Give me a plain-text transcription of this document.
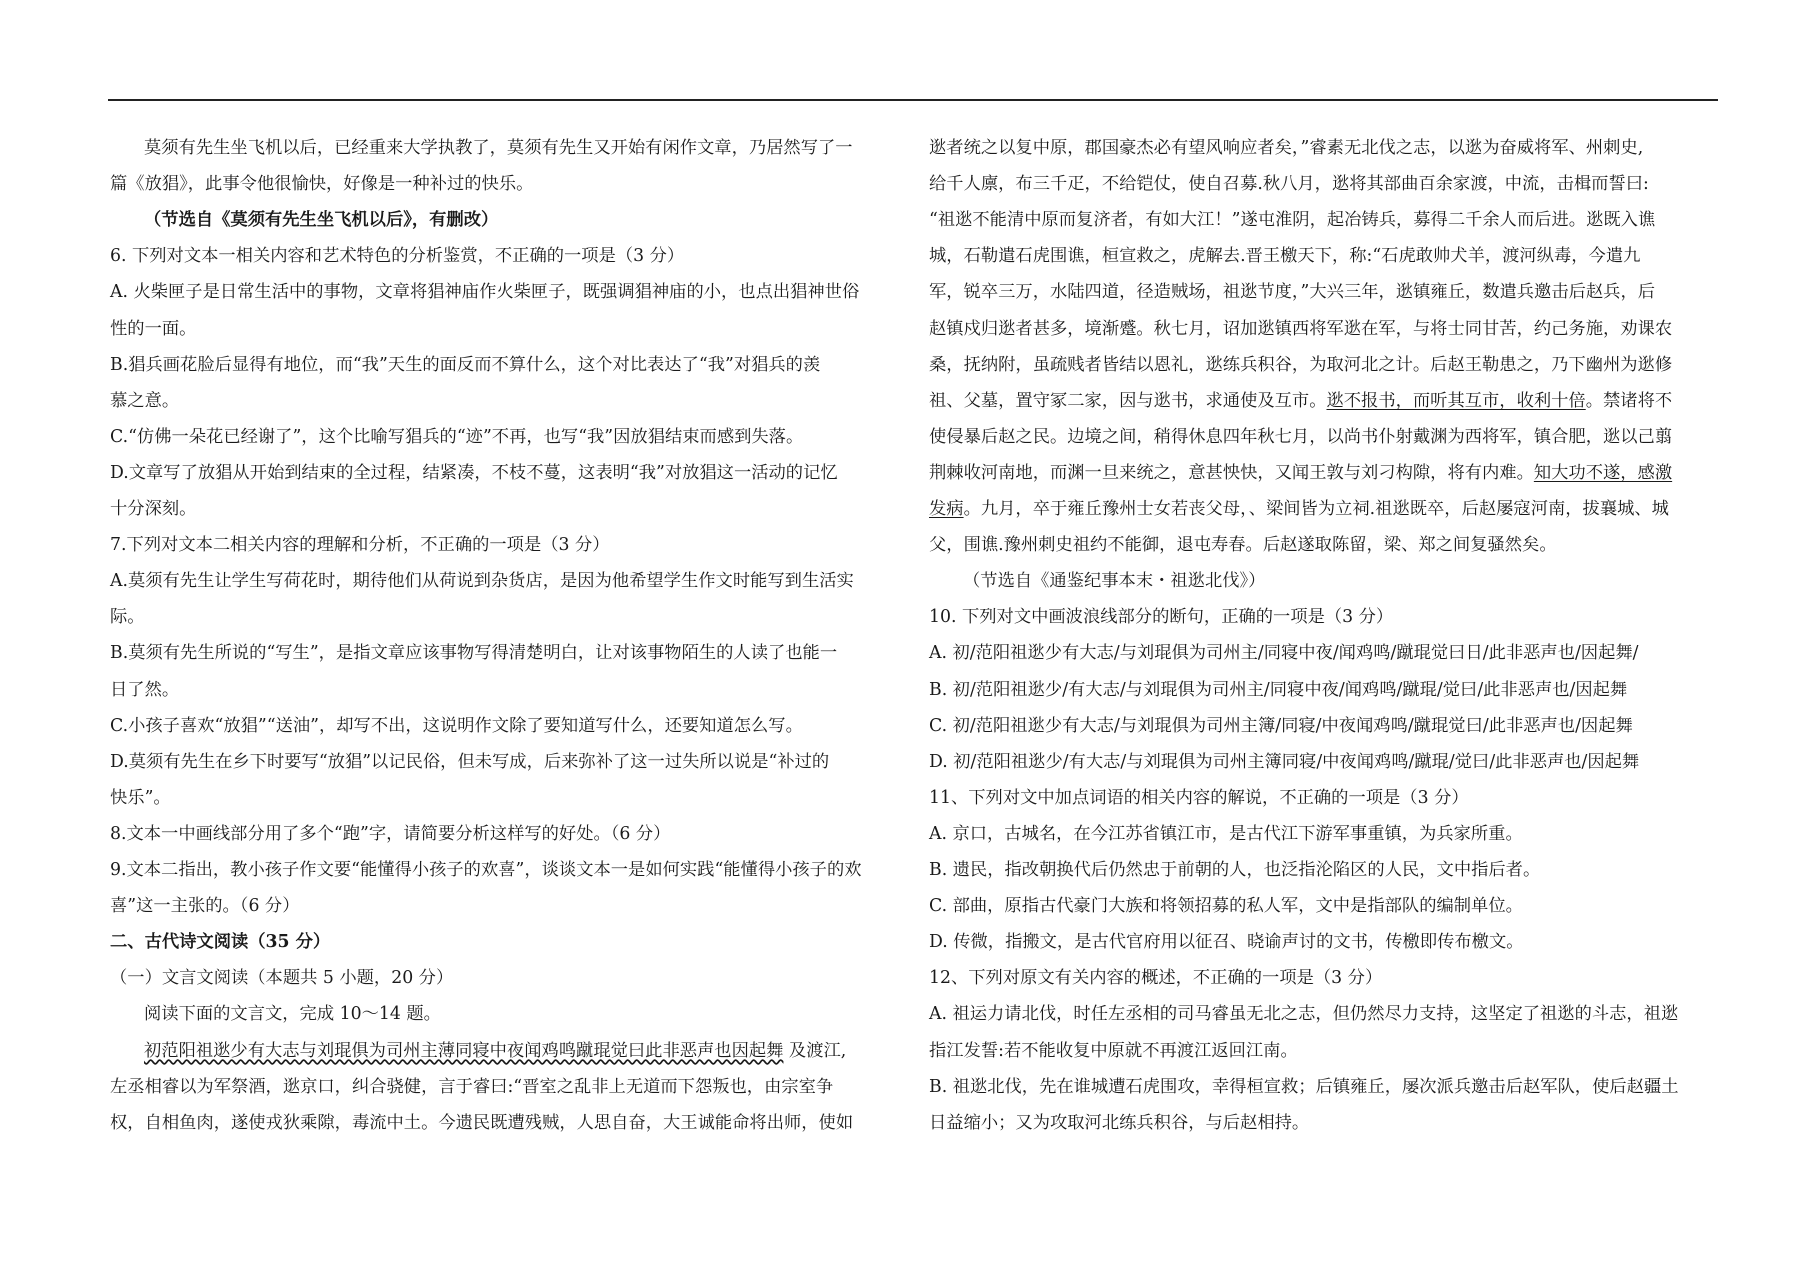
莫须有先生坐飞机以后，已经重来大学执教了，莫须有先生又开始有闲作文章，乃居然写了一
篇《放猖》，此事令他很愉快，好像是一种补过的快乐。
（节选自《莫须有先生坐飞机以后》，有删改）
6. 下列对文本一相关内容和艺术特色的分析鉴赏，不正确的一项是（3 分）
A. 火柴匣子是日常生活中的事物，文章将猖神庙作火柴匣子，既强调猖神庙的小，也点出猖神世俗
性的一面。
B.猖兵画花脸后显得有地位，而“我”天生的面反而不算什么，这个对比表达了“我”对猖兵的羡
慕之意。
C.“仿佛一朵花已经谢了”，这个比喻写猖兵的“迹”不再，也写“我”因放猖结束而感到失落。
D.文章写了放猖从开始到结束的全过程，结紧凑，不枝不蔓，这表明“我”对放猖这一活动的记忆
十分深刻。
7.下列对文本二相关内容的理解和分析，不正确的一项是（3 分）
A.莫须有先生让学生写荷花时，期待他们从荷说到杂货店，是因为他希望学生作文时能写到生活实
际。
B.莫须有先生所说的“写生”，是指文章应该事物写得清楚明白，让对该事物陌生的人读了也能一
日了然。
C.小孩子喜欢“放猖”“送油”，却写不出，这说明作文除了要知道写什么，还要知道怎么写。
D.莫须有先生在乡下时要写“放猖”以记民俗，但未写成，后来弥补了这一过失所以说是“补过的
快乐”。
8.文本一中画线部分用了多个“跑”字，请简要分析这样写的好处。（6 分）
9.文本二指出，教小孩子作文要“能懂得小孩子的欢喜”，谈谈文本一是如何实践“能懂得小孩子的欢
喜”这一主张的。（6 分）
二、古代诗文阅读（35 分）
（一）文言文阅读（本题共 5 小题，20 分）
阅读下面的文言文，完成 10～14 题。
初范阳祖逖少有大志与刘琨俱为司州主薄同寝中夜闻鸡鸣蹴琨觉曰此非恶声也因起舞 及渡江,
左丞相睿以为军祭酒，逖京口，纠合骁健，言于睿曰:“晋室之乱非上无道而下怨叛也，由宗室争
权，自相鱼肉，遂使戎狄乘隙，毒流中土。今遗民既遭残贼，人思自奋，大王诚能命将出师，使如
逖者统之以复中原，郡国豪杰必有望风响应者矣，”睿素无北伐之志，以逖为奋威将军、州刺史,
给千人廪，布三千疋，不给铠仗，使自召募.秋八月，逖将其部曲百余家渡，中流，击楫而誓曰:
“祖逖不能清中原而复济者，有如大江！”遂屯淮阴，起冶铸兵，募得二千余人而后进。逖既入谯
城，石勒遣石虎围谯，桓宣救之，虎解去.晋王檄天下，称:“石虎敢帅犬羊，渡河纵毒，今遣九
军，锐卒三万，水陆四道，径造贼场，祖逖节度，”大兴三年，逖镇雍丘，数遣兵邀击后赵兵，后
赵镇戍归逖者甚多，境渐蹙。秋七月，诏加逖镇西将军逖在军，与将士同甘苦，约己务施，劝课农
桑，抚纳附，虽疏贱者皆结以恩礼，逖练兵积谷，为取河北之计。后赵王勒患之，乃下幽州为逖修
祖、父墓，置守冢二家，因与逖书，求通使及互市。逖不报书，而听其互市，收利十倍。禁诸将不
使侵暴后赵之民。边境之间，稍得休息四年秋七月，以尚书仆射戴渊为西将军，镇合肥，逖以己翦
荆棘收河南地，而渊一旦来统之，意甚怏快，又闻王敦与刘刁构隙，将有内难。知大功不遂，感激
发病。九月，卒于雍丘豫州士女若丧父母，、梁间皆为立祠.祖逖既卒，后赵屡寇河南，拔襄城、城
父，围谯.豫州刺史祖约不能御，退屯寿春。后赵遂取陈留，梁、郑之间复骚然矣。
（节选自《通鉴纪事本末・祖逖北伐》）
10. 下列对文中画波浪线部分的断句，正确的一项是（3 分）
A. 初/范阳祖逖少有大志/与刘琨俱为司州主/同寝中夜/闻鸡鸣/蹴琨觉曰日/此非恶声也/因起舞/
B. 初/范阳祖逖少/有大志/与刘琨俱为司州主/同寝中夜/闻鸡鸣/蹴琨/觉曰/此非恶声也/因起舞
C. 初/范阳祖逖少有大志/与刘琨俱为司州主簿/同寝/中夜闻鸡鸣/蹴琨觉曰/此非恶声也/因起舞
D. 初/范阳祖逖少/有大志/与刘琨俱为司州主簿同寝/中夜闻鸡鸣/蹴琨/觉曰/此非恶声也/因起舞
11、下列对文中加点词语的相关内容的解说，不正确的一项是（3 分）
A. 京口，古城名，在今江苏省镇江市，是古代江下游军事重镇，为兵家所重。
B. 遗民，指改朝换代后仍然忠于前朝的人，也泛指沦陷区的人民，文中指后者。
C. 部曲，原指古代豪门大族和将领招募的私人军，文中是指部队的编制单位。
D. 传微，指搬文，是古代官府用以征召、晓谕声讨的文书，传檄即传布檄文。
12、下列对原文有关内容的概述，不正确的一项是（3 分）
A. 祖运力请北伐，时任左丞相的司马睿虽无北之志，但仍然尽力支持，这坚定了祖逖的斗志，祖逖
指江发誓:若不能收复中原就不再渡江返回江南。
B. 祖逖北伐，先在谁城遭石虎围攻，幸得桓宣救；后镇雍丘，屡次派兵邀击后赵军队，使后赵疆土
日益缩小；又为攻取河北练兵积谷，与后赵相持。
